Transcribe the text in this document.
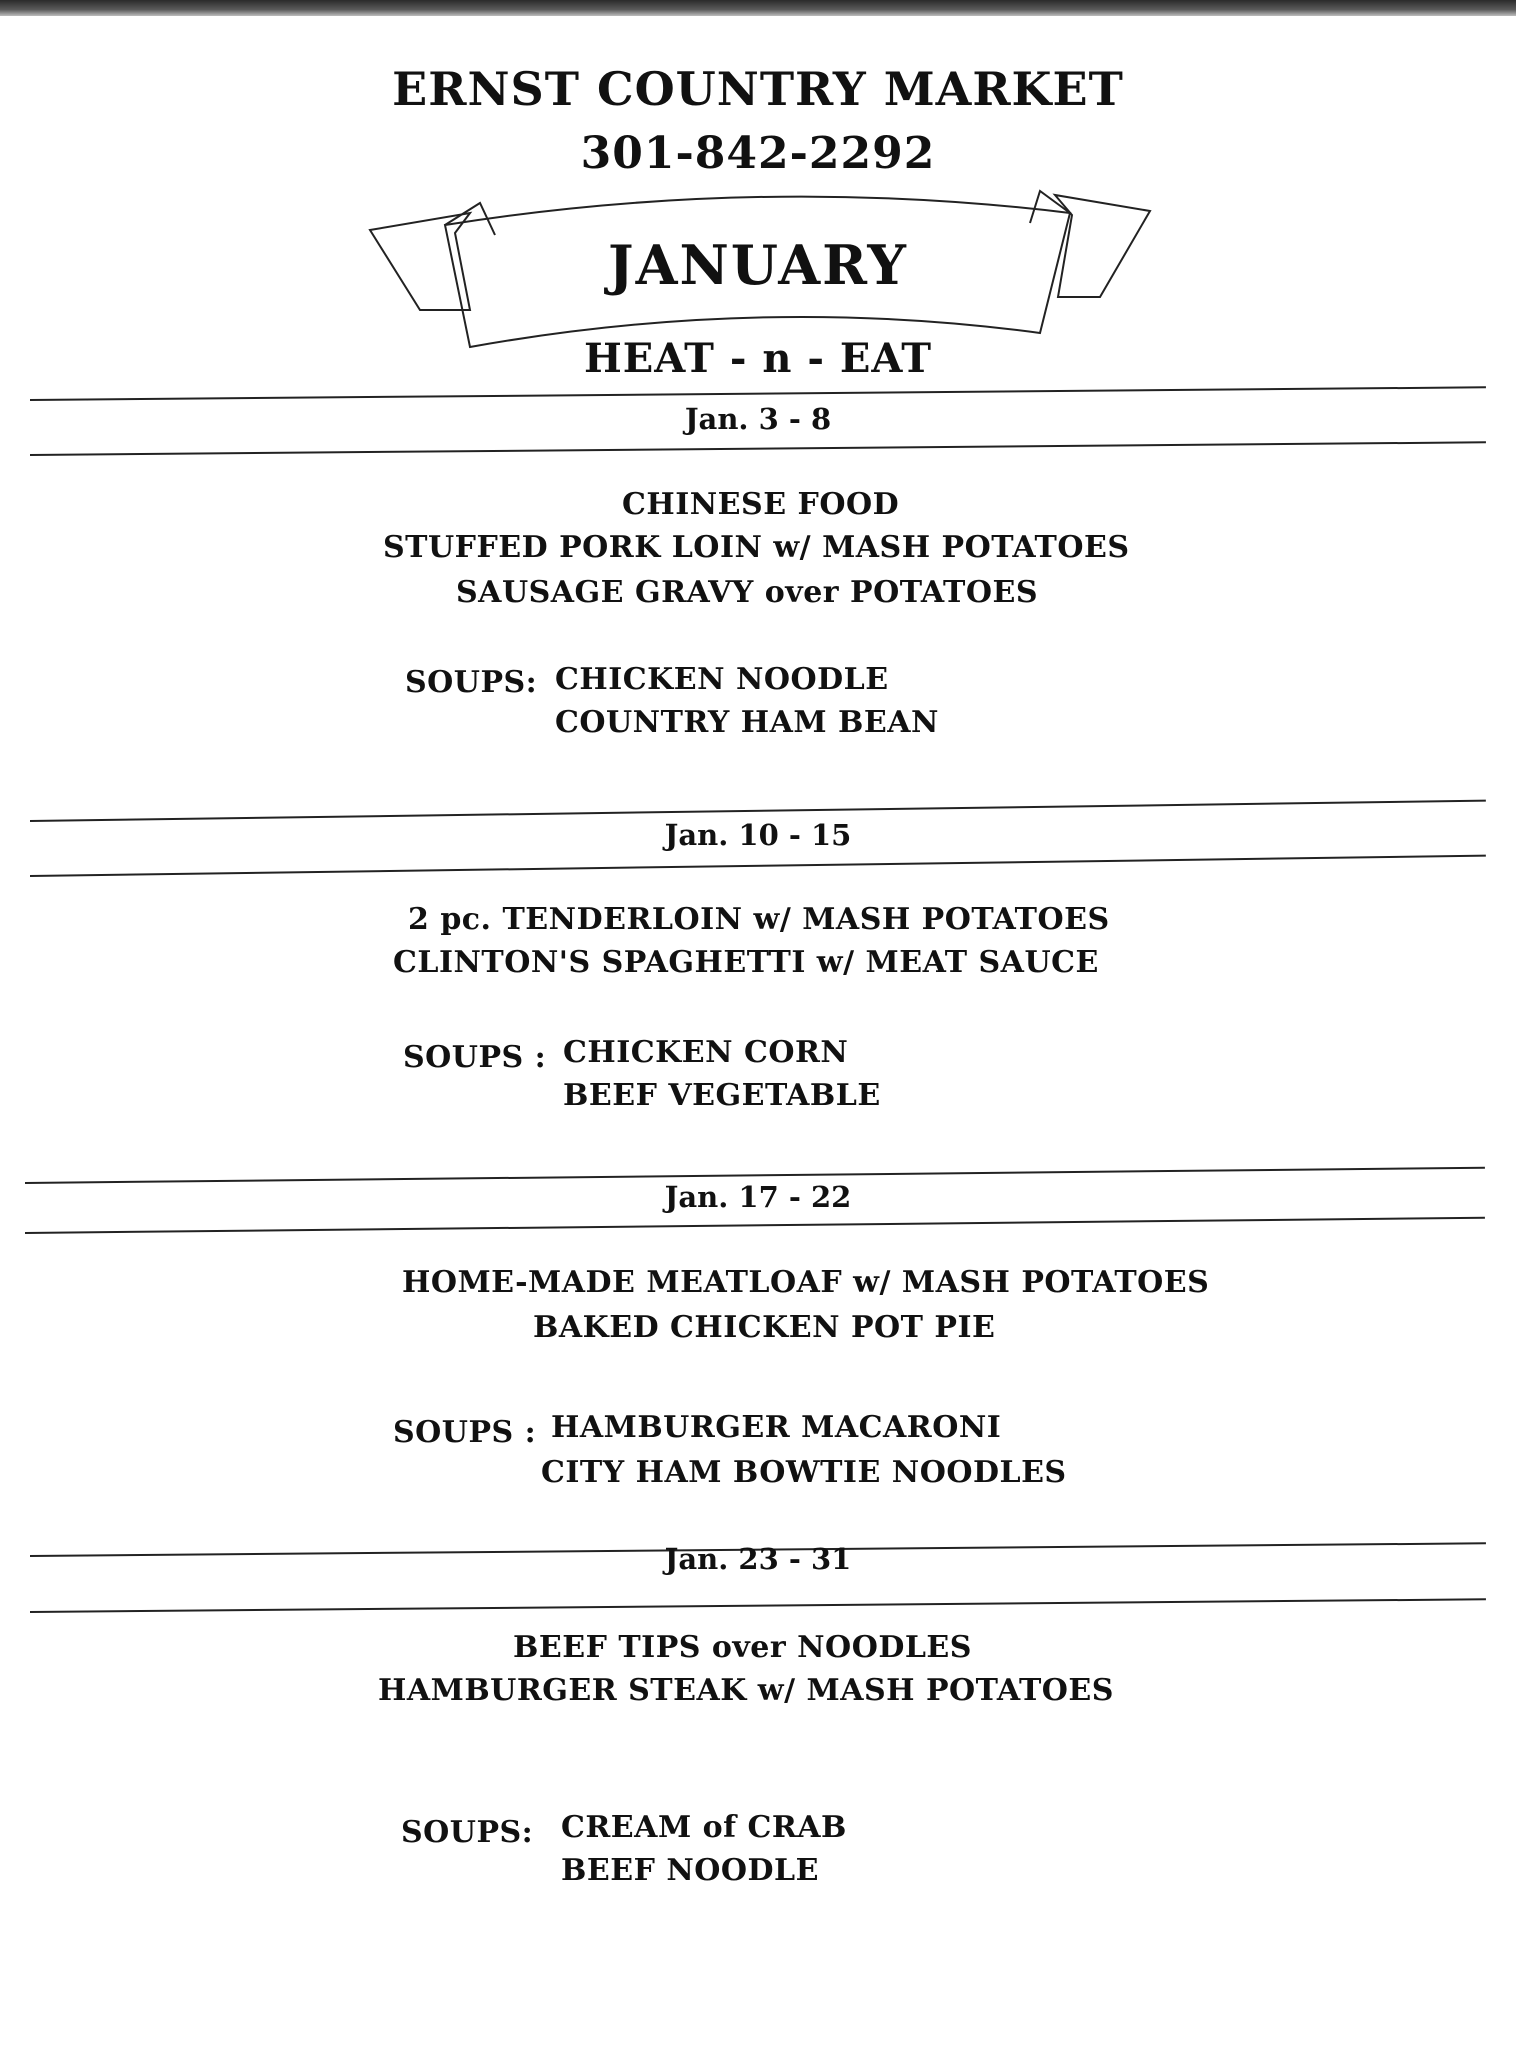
ERNST COUNTRY MARKET
301-842-2292
JANUARY
HEAT - n - EAT
Jan. 3 - 8
CHINESE FOOD
STUFFED PORK LOIN w/ MASH POTATOES
SAUSAGE GRAVY over POTATOES
SOUPS: CHICKEN NOODLE
COUNTRY HAM BEAN
Jan. 10 - 15
2 pc. TENDERLOIN w/ MASH POTATOES
CLINTON'S SPAGHETTI w/ MEAT SAUCE
SOUPS : CHICKEN CORN
BEEF VEGETABLE
Jan. 17 - 22
HOME-MADE MEATLOAF w/ MASH POTATOES
BAKED CHICKEN POT PIE
SOUPS : HAMBURGER MACARONI
CITY HAM BOWTIE NOODLES
Jan. 23 - 31
BEEF TIPS over NOODLES
HAMBURGER STEAK w/ MASH POTATOES
SOUPS: CREAM of CRAB
BEEF NOODLE
